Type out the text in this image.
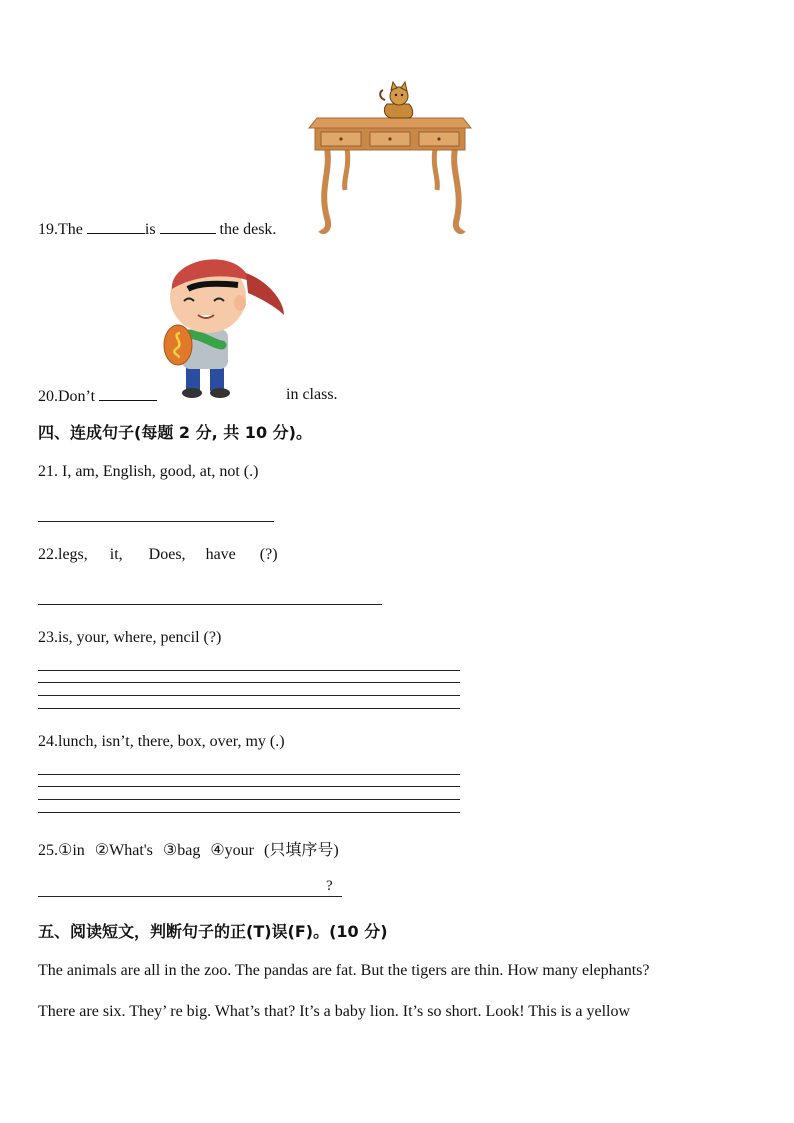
19.The	is	the desk.
20.Don’t	in class.
四、连成句子(每题 2 分, 共 10 分)。
21. I, am, English, good, at, not (.)
22.legs, it, Does, have (?)
23.is, your, where, pencil (?)
24.lunch, isn’t, there, box, over, my (.)
25.①in ②What's ③bag ④your (只填序号)
?
五、阅读短文，判断句子的正(T)误(F)。(10 分)
The animals are all in the zoo. The pandas are fat. But the tigers are thin. How many elephants?
There are six. They’ re big. What’s that? It’s a baby lion. It’s so short. Look! This is a yellow
